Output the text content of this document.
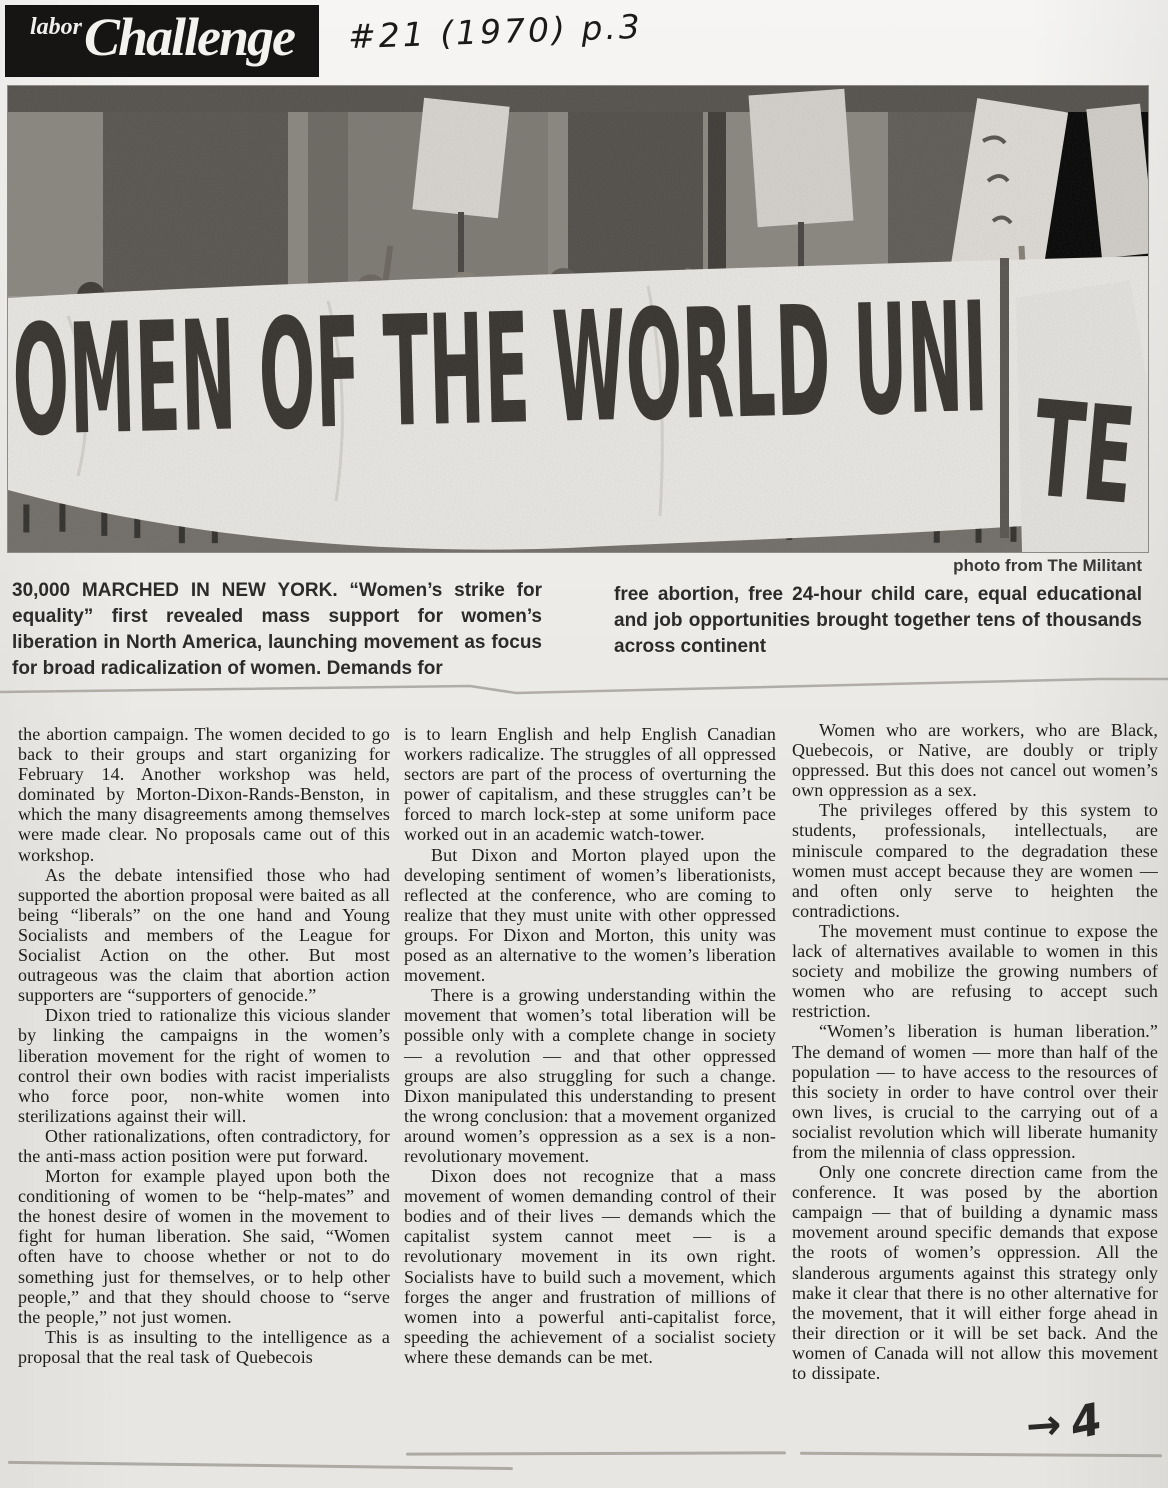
labor Challenge #21 (1970) p.3
photo from The Militant
30,000 MARCHED IN NEW YORK. “Women’s strike for equality” first revealed mass support for women’s liberation in North America, launching movement as focus for broad radicalization of women. Demands for
free abortion, free 24-hour child care, equal educational and job opportunities brought together tens of thousands across continent

the abortion campaign. The women decided to go back to their groups and start organizing for February 14. Another workshop was held, dominated by Morton-Dixon-Rands-Benston, in which the many disagreements among themselves were made clear. No proposals came out of this workshop.

As the debate intensified those who had supported the abortion proposal were baited as all being “liberals” on the one hand and Young Socialists and members of the League for Socialist Action on the other. But most outrageous was the claim that abortion action supporters are “supporters of genocide.”

Dixon tried to rationalize this vicious slander by linking the campaigns in the women’s liberation movement for the right of women to control their own bodies with racist imperialists who force poor, non-white women into sterilizations against their will.

Other rationalizations, often contradictory, for the anti-mass action position were put forward.

Morton for example played upon both the conditioning of women to be “help-mates” and the honest desire of women in the movement to fight for human liberation. She said, “Women often have to choose whether or not to do something just for themselves, or to help other people,” and that they should choose to “serve the people,” not just women.

This is as insulting to the intelligence as a proposal that the real task of Quebecois

is to learn English and help English Canadian workers radicalize. The struggles of all oppressed sectors are part of the process of overturning the power of capitalism, and these struggles can’t be forced to march lock-step at some uniform pace worked out in an academic watch-tower.

But Dixon and Morton played upon the developing sentiment of women’s liberationists, reflected at the conference, who are coming to realize that they must unite with other oppressed groups. For Dixon and Morton, this unity was posed as an alternative to the women’s liberation movement.

There is a growing understanding within the movement that women’s total liberation will be possible only with a complete change in society — a revolution — and that other oppressed groups are also struggling for such a change. Dixon manipulated this understanding to present the wrong conclusion: that a movement organized around women’s oppression as a sex is a non-revolutionary movement.

Dixon does not recognize that a mass movement of women demanding control of their bodies and of their lives — demands which the capitalist system cannot meet — is a revolutionary movement in its own right. Socialists have to build such a movement, which forges the anger and frustration of millions of women into a powerful anti-capitalist force, speeding the achievement of a socialist society where these demands can be met.

Women who are workers, who are Black, Quebecois, or Native, are doubly or triply oppressed. But this does not cancel out women’s own oppression as a sex.

The privileges offered by this system to students, professionals, intellectuals, are miniscule compared to the degradation these women must accept because they are women — and often only serve to heighten the contradictions.

The movement must continue to expose the lack of alternatives available to women in this society and mobilize the growing numbers of women who are refusing to accept such restriction.

“Women’s liberation is human liberation.” The demand of women — more than half of the population — to have access to the resources of this society in order to have control over their own lives, is crucial to the carrying out of a socialist revolution which will liberate humanity from the milennia of class oppression.

Only one concrete direction came from the conference. It was posed by the abortion campaign — that of building a dynamic mass movement around specific demands that expose the roots of women’s oppression. All the slanderous arguments against this strategy only make it clear that there is no other alternative for the movement, that it will either forge ahead in their direction or it will be set back. And the women of Canada will not allow this movement to dissipate.

→ 4
